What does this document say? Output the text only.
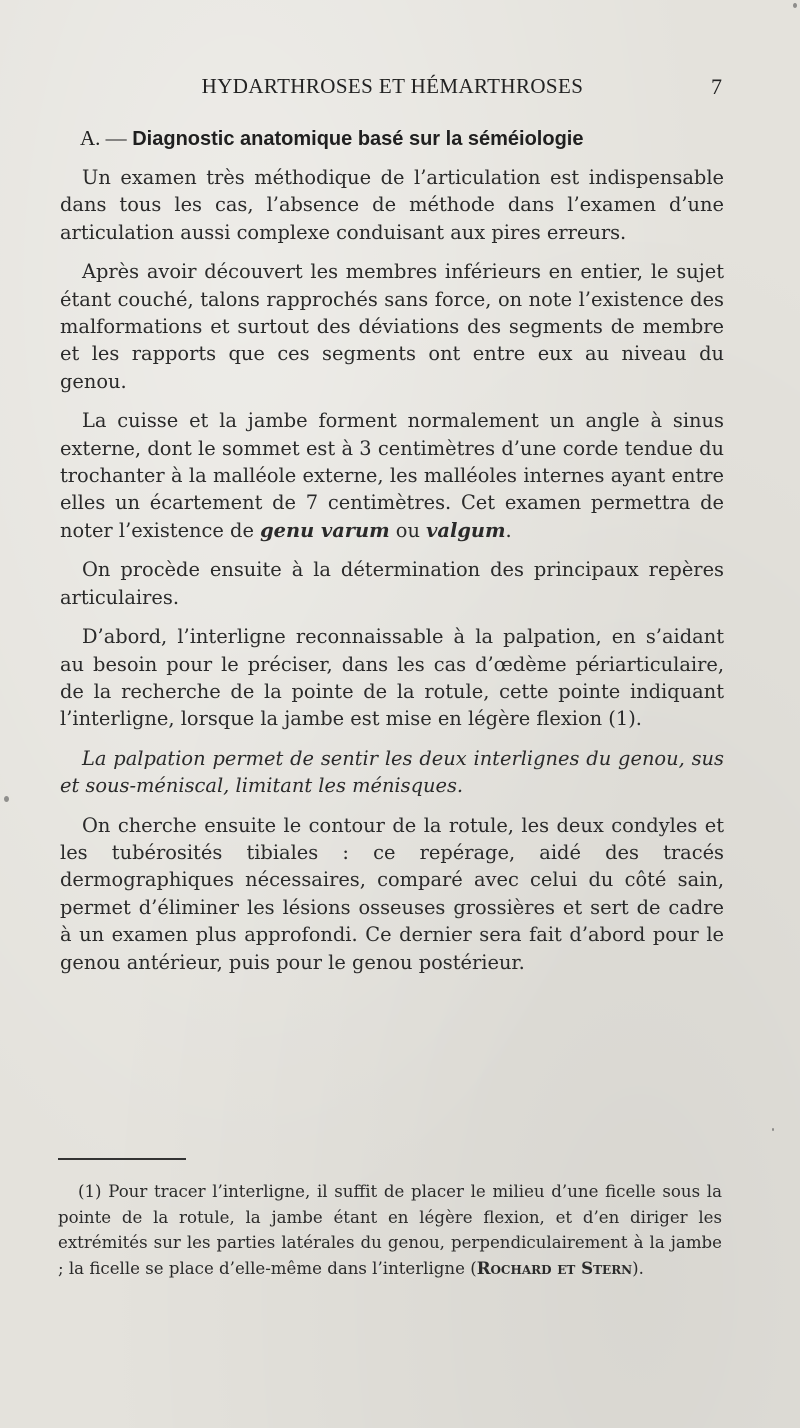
HYDARTHROSES ET HÉMARTHROSES	7
A. — Diagnostic anatomique basé sur la séméiologie

Un examen très méthodique de l’articulation est indispensable dans tous les cas, l’absence de méthode dans l’examen d’une articulation aussi complexe conduisant aux pires erreurs.

Après avoir découvert les membres inférieurs en entier, le sujet étant couché, talons rapprochés sans force, on note l’existence des malformations et surtout des déviations des segments de membre et les rapports que ces segments ont entre eux au niveau du genou.

La cuisse et la jambe forment normalement un angle à sinus externe, dont le sommet est à 3 centimètres d’une corde tendue du trochanter à la malléole externe, les malléoles internes ayant entre elles un écartement de 7 centimètres. Cet examen permettra de noter l’existence de genu varum ou valgum.

On procède ensuite à la détermination des principaux repères articulaires.

D’abord, l’interligne reconnaissable à la palpation, en s’aidant au besoin pour le préciser, dans les cas d’œdème périarticulaire, de la recherche de la pointe de la rotule, cette pointe indiquant l’interligne, lorsque la jambe est mise en légère flexion (1).

La palpation permet de sentir les deux interlignes du genou, sus et sous-méniscal, limitant les ménisques.

On cherche ensuite le contour de la rotule, les deux condyles et les tubérosités tibiales : ce repérage, aidé des tracés dermographiques nécessaires, comparé avec celui du côté sain, permet d’éliminer les lésions osseuses grossières et sert de cadre à un examen plus approfondi. Ce dernier sera fait d’abord pour le genou antérieur, puis pour le genou postérieur.

(1) Pour tracer l’interligne, il suffit de placer le milieu d’une ficelle sous la pointe de la rotule, la jambe étant en légère flexion, et d’en diriger les extrémités sur les parties latérales du genou, perpendiculairement à la jambe ; la ficelle se place d’elle-même dans l’interligne (Rochard et Stern).
